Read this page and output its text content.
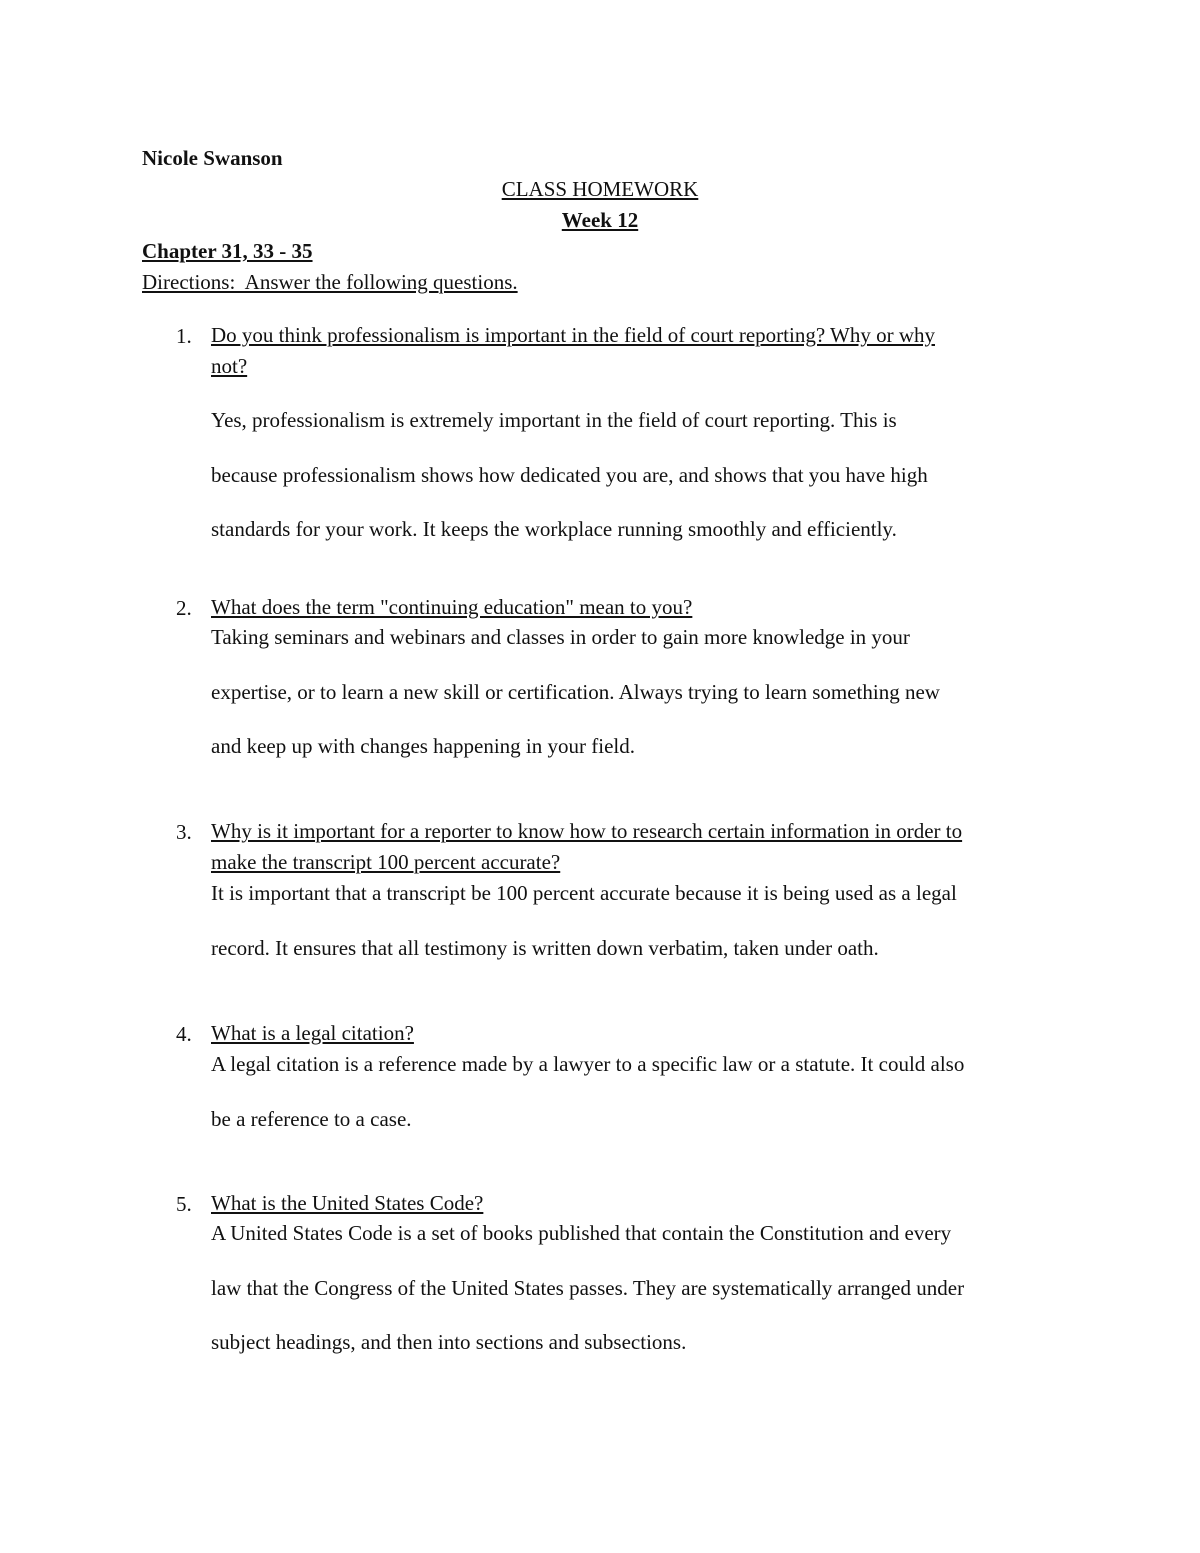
Nicole Swanson
CLASS HOMEWORK
Week 12
Chapter 31, 33 - 35
Directions:  Answer the following questions.
1. Do you think professionalism is important in the field of court reporting? Why or why
not?
Yes, professionalism is extremely important in the field of court reporting. This is
because professionalism shows how dedicated you are, and shows that you have high
standards for your work. It keeps the workplace running smoothly and efficiently.
2. What does the term "continuing education" mean to you?
Taking seminars and webinars and classes in order to gain more knowledge in your
expertise, or to learn a new skill or certification. Always trying to learn something new
and keep up with changes happening in your field.
3. Why is it important for a reporter to know how to research certain information in order to
make the transcript 100 percent accurate?
It is important that a transcript be 100 percent accurate because it is being used as a legal
record. It ensures that all testimony is written down verbatim, taken under oath.
4. What is a legal citation?
A legal citation is a reference made by a lawyer to a specific law or a statute. It could also
be a reference to a case.
5. What is the United States Code?
A United States Code is a set of books published that contain the Constitution and every
law that the Congress of the United States passes. They are systematically arranged under
subject headings, and then into sections and subsections.
